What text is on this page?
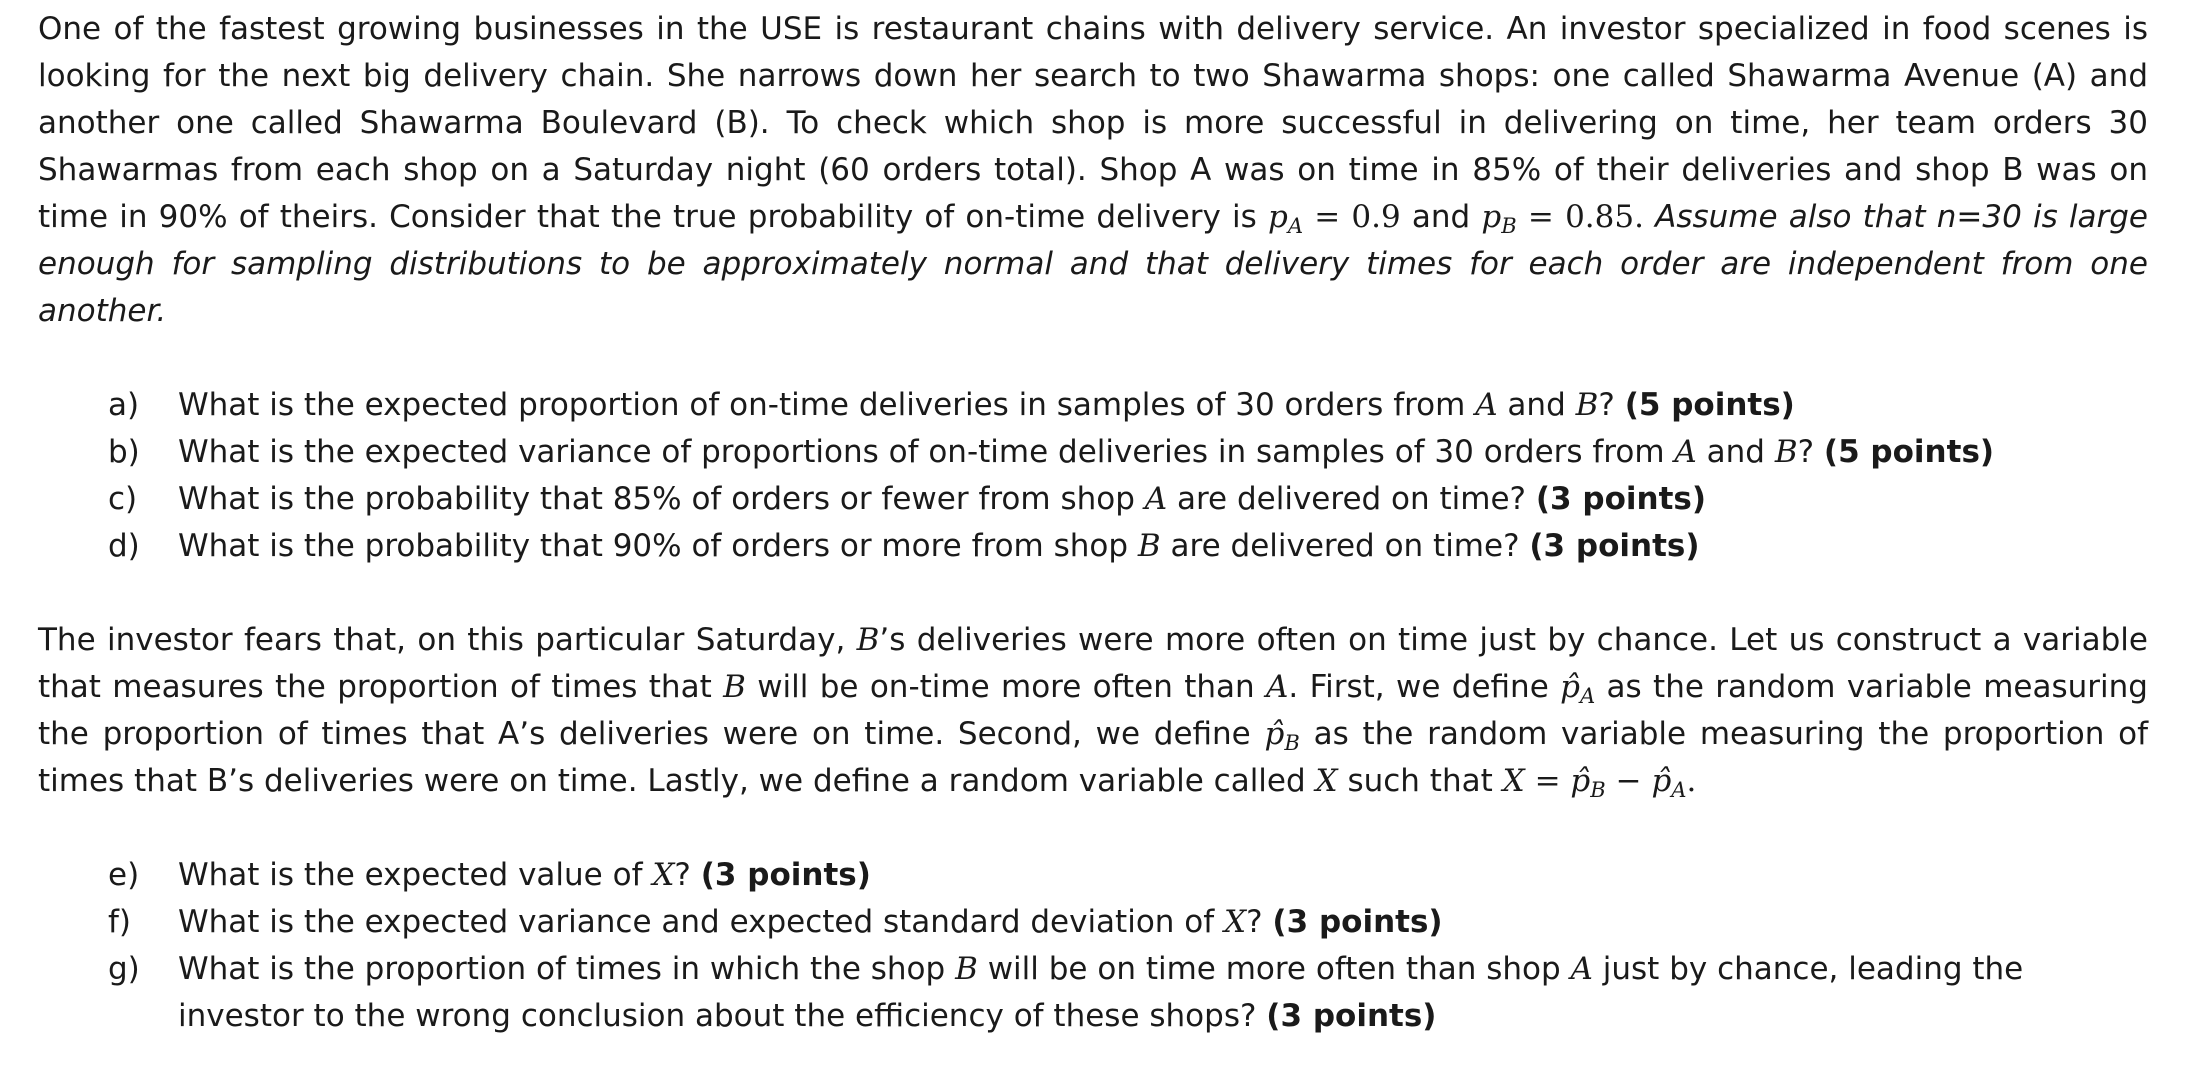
One of the fastest growing businesses in the USE is restaurant chains with delivery service. An investor specialized in food scenes is looking for the next big delivery chain. She narrows down her search to two Shawarma shops: one called Shawarma Avenue (A) and another one called Shawarma Boulevard (B). To check which shop is more successful in delivering on time, her team orders 30 Shawarmas from each shop on a Saturday night (60 orders total). Shop A was on time in 85% of their deliveries and shop B was on time in 90% of theirs. Consider that the true probability of on-time delivery is $p_A = 0.9$ and $p_B = 0.85$. Assume also that n=30 is large enough for sampling distributions to be approximately normal and that delivery times for each order are independent from one another.

a) What is the expected proportion of on-time deliveries in samples of 30 orders from A and B? (5 points)
b) What is the expected variance of proportions of on-time deliveries in samples of 30 orders from A and B? (5 points)
c) What is the probability that 85% of orders or fewer from shop A are delivered on time? (3 points)
d) What is the probability that 90% of orders or more from shop B are delivered on time? (3 points)

The investor fears that, on this particular Saturday, B’s deliveries were more often on time just by chance. Let us construct a variable that measures the proportion of times that B will be on-time more often than A. First, we define $p̂_A$ as the random variable measuring the proportion of times that A’s deliveries were on time. Second, we define $p̂_B$ as the random variable measuring the proportion of times that B’s deliveries were on time. Lastly, we define a random variable called X such that $X = p̂_B$ − $p̂_A$.

e) What is the expected value of X? (3 points)
f) What is the expected variance and expected standard deviation of X? (3 points)
g) What is the proportion of times in which the shop B will be on time more often than shop A just by chance, leading the investor to the wrong conclusion about the efficiency of these shops? (3 points)
